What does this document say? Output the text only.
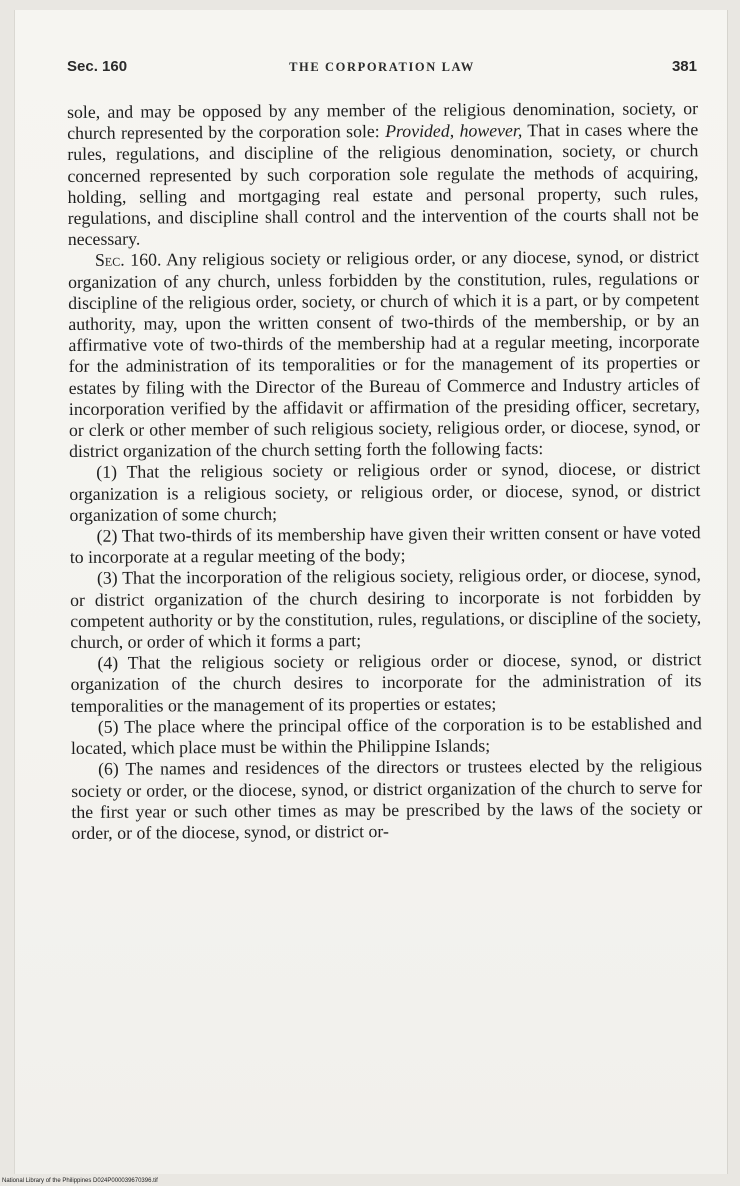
Sec. 160	THE CORPORATION LAW	381

sole, and may be opposed by any member of the religious denomination, society, or church represented by the corporation sole: Provided, however, That in cases where the rules, regulations, and discipline of the religious denomination, society, or church concerned represented by such corporation sole regulate the methods of acquiring, holding, selling and mortgaging real estate and personal property, such rules, regulations, and discipline shall control and the intervention of the courts shall not be necessary.

Sec. 160. Any religious society or religious order, or any diocese, synod, or district organization of any church, unless forbidden by the constitution, rules, regulations or discipline of the religious order, society, or church of which it is a part, or by competent authority, may, upon the written consent of two-thirds of the membership, or by an affirmative vote of two-thirds of the membership had at a regular meeting, incorporate for the administration of its temporalities or for the management of its properties or estates by filing with the Director of the Bureau of Commerce and Industry articles of incorporation verified by the affidavit or affirmation of the presiding officer, secretary, or clerk or other member of such religious society, religious order, or diocese, synod, or district organization of the church setting forth the following facts:

(1) That the religious society or religious order or synod, diocese, or district organization is a religious society, or religious order, or diocese, synod, or district organization of some church;

(2) That two-thirds of its membership have given their written consent or have voted to incorporate at a regular meeting of the body;

(3) That the incorporation of the religious society, religious order, or diocese, synod, or district organization of the church desiring to incorporate is not forbidden by competent authority or by the constitution, rules, regulations, or discipline of the society, church, or order of which it forms a part;

(4) That the religious society or religious order or diocese, synod, or district organization of the church desires to incorporate for the administration of its temporalities or the management of its properties or estates;

(5) The place where the principal office of the corporation is to be established and located, which place must be within the Philippine Islands;

(6) The names and residences of the directors or trustees elected by the religious society or order, or the diocese, synod, or district organization of the church to serve for the first year or such other times as may be prescribed by the laws of the society or order, or of the diocese, synod, or district or-

National Library of the Philippines D024P000039670396.tif
